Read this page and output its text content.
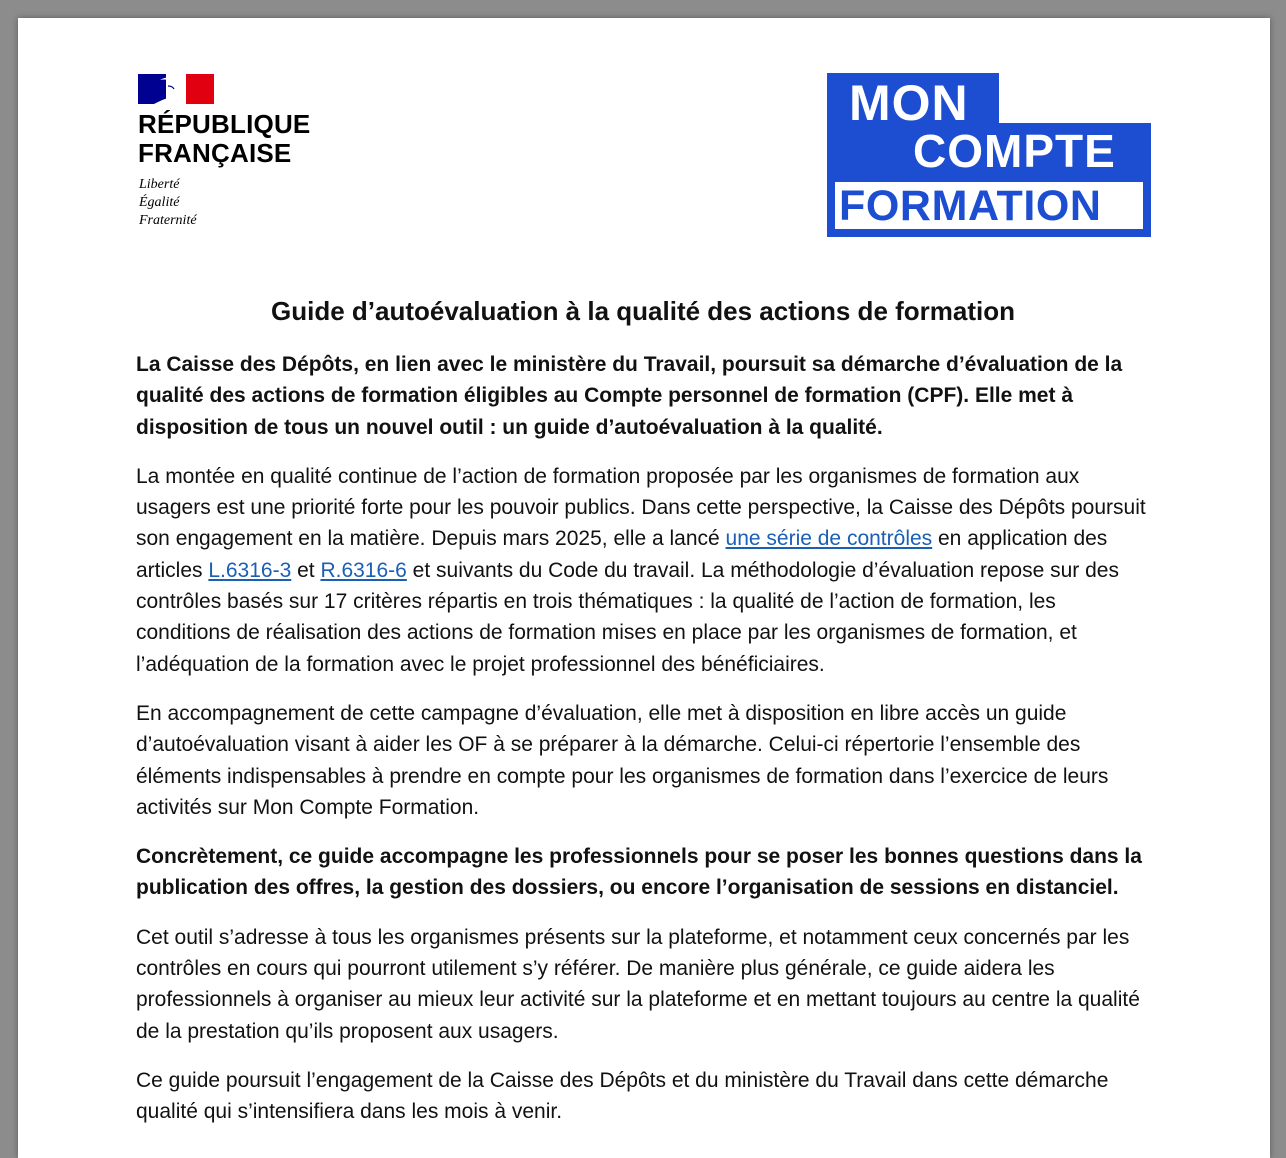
RÉPUBLIQUE
FRANÇAISE
Liberté
Égalité
Fraternité
MON
COMPTE
FORMATION
Guide d’autoévaluation à la qualité des actions de formation

La Caisse des Dépôts, en lien avec le ministère du Travail, poursuit sa démarche d’évaluation de la qualité des actions de formation éligibles au Compte personnel de formation (CPF). Elle met à disposition de tous un nouvel outil : un guide d’autoévaluation à la qualité.

La montée en qualité continue de l’action de formation proposée par les organismes de formation aux usagers est une priorité forte pour les pouvoir publics. Dans cette perspective, la Caisse des Dépôts poursuit son engagement en la matière. Depuis mars 2025, elle a lancé une série de contrôles en application des articles L.6316-3 et R.6316-6 et suivants du Code du travail. La méthodologie d’évaluation repose sur des contrôles basés sur 17 critères répartis en trois thématiques : la qualité de l’action de formation, les conditions de réalisation des actions de formation mises en place par les organismes de formation, et l’adéquation de la formation avec le projet professionnel des bénéficiaires.

En accompagnement de cette campagne d’évaluation, elle met à disposition en libre accès un guide d’autoévaluation visant à aider les OF à se préparer à la démarche. Celui-ci répertorie l’ensemble des éléments indispensables à prendre en compte pour les organismes de formation dans l’exercice de leurs activités sur Mon Compte Formation.

Concrètement, ce guide accompagne les professionnels pour se poser les bonnes questions dans la publication des offres, la gestion des dossiers, ou encore l’organisation de sessions en distanciel.

Cet outil s’adresse à tous les organismes présents sur la plateforme, et notamment ceux concernés par les contrôles en cours qui pourront utilement s’y référer. De manière plus générale, ce guide aidera les professionnels à organiser au mieux leur activité sur la plateforme et en mettant toujours au centre la qualité de la prestation qu’ils proposent aux usagers.

Ce guide poursuit l’engagement de la Caisse des Dépôts et du ministère du Travail dans cette démarche qualité qui s’intensifiera dans les mois à venir.
